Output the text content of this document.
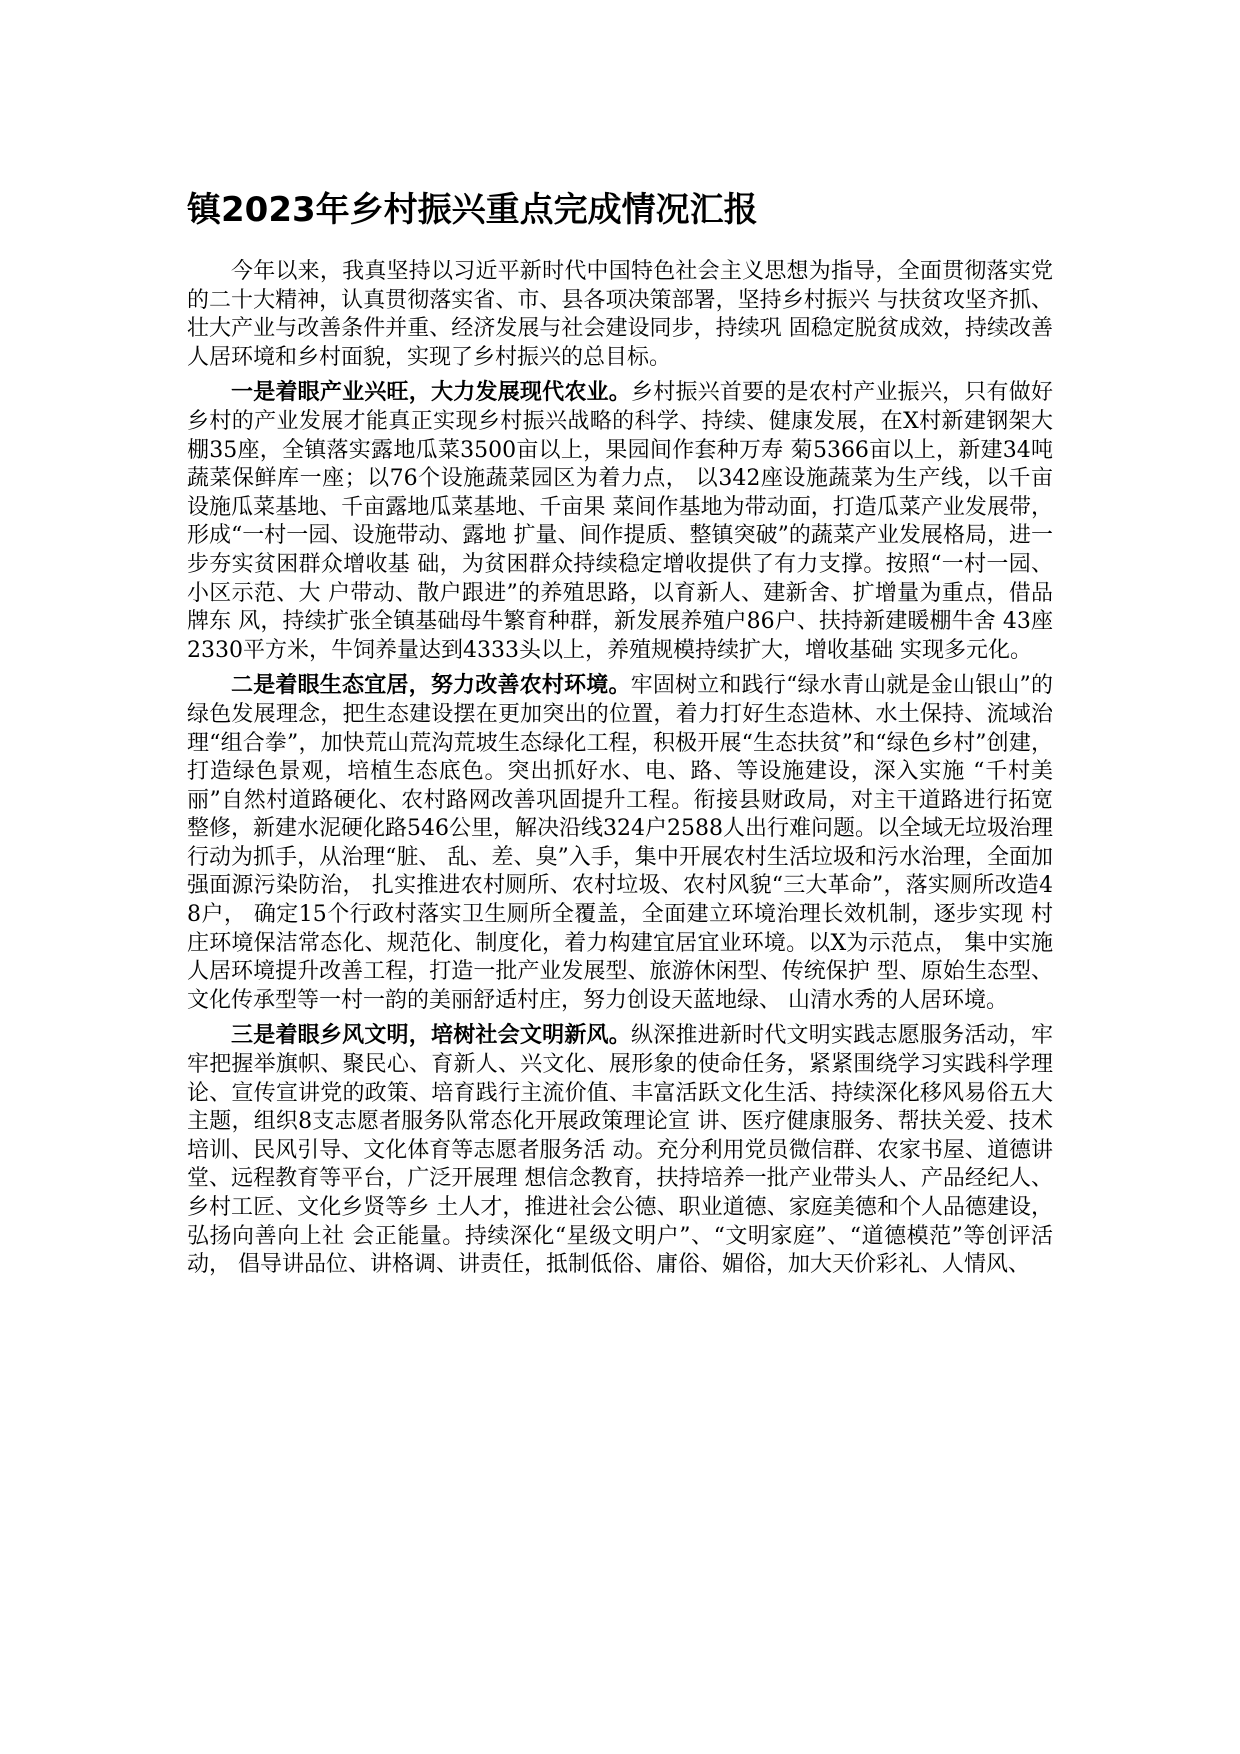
镇2023年乡村振兴重点完成情况汇报

今年以来，我真坚持以习近平新时代中国特色社会主义思想为指导，全面贯彻落实党的二十大精神，认真贯彻落实省、市、县各项决策部署，坚持乡村振兴 与扶贫攻坚齐抓、壮大产业与改善条件并重、经济发展与社会建设同步，持续巩 固稳定脱贫成效，持续改善人居环境和乡村面貌，实现了乡村振兴的总目标。

一是着眼产业兴旺，大力发展现代农业。乡村振兴首要的是农村产业振兴，只有做好乡村的产业发展才能真正实现乡村振兴战略的科学、持续、健康发展，在X村新建钢架大棚35座，全镇落实露地瓜菜3500亩以上，果园间作套种万寿 菊5366亩以上，新建34吨蔬菜保鲜库一座；以76个设施蔬菜园区为着力点， 以342座设施蔬菜为生产线，以千亩设施瓜菜基地、千亩露地瓜菜基地、千亩果 菜间作基地为带动面，打造瓜菜产业发展带，形成“一村一园、设施带动、露地 扩量、间作提质、整镇突破”的蔬菜产业发展格局，进一步夯实贫困群众增收基 础，为贫困群众持续稳定增收提供了有力支撑。按照“一村一园、小区示范、大 户带动、散户跟进”的养殖思路，以育新人、建新舍、扩增量为重点，借品牌东 风，持续扩张全镇基础母牛繁育种群，新发展养殖户86户、扶持新建暖棚牛舍 43座2330平方米，牛饲养量达到4333头以上，养殖规模持续扩大，增收基础 实现多元化。

二是着眼生态宜居，努力改善农村环境。牢固树立和践行“绿水青山就是金山银山”的绿色发展理念，把生态建设摆在更加突出的位置，着力打好生态造林、水土保持、流域治理“组合拳”，加快荒山荒沟荒坡生态绿化工程，积极开展“生态扶贫”和“绿色乡村”创建，打造绿色景观，培植生态底色。突出抓好水、电、路、等设施建设，深入实施 “千村美丽”自然村道路硬化、农村路网改善巩固提升工程。衔接县财政局，对主干道路进行拓宽整修，新建水泥硬化路546公里，解决沿线324户2588人出行难问题。以全域无垃圾治理行动为抓手，从治理“脏、 乱、差、臭”入手，集中开展农村生活垃圾和污水治理，全面加强面源污染防治， 扎实推进农村厕所、农村垃圾、农村风貌“三大革命”，落实厕所改造48户， 确定15个行政村落实卫生厕所全覆盖，全面建立环境治理长效机制，逐步实现 村庄环境保洁常态化、规范化、制度化，着力构建宜居宜业环境。以X为示范点， 集中实施人居环境提升改善工程，打造一批产业发展型、旅游休闲型、传统保护 型、原始生态型、文化传承型等一村一韵的美丽舒适村庄，努力创设天蓝地绿、 山清水秀的人居环境。

三是着眼乡风文明，培树社会文明新风。纵深推进新时代文明实践志愿服务活动，牢牢把握举旗帜、聚民心、育新人、兴文化、展形象的使命任务，紧紧围绕学习实践科学理论、宣传宣讲党的政策、培育践行主流价值、丰富活跃文化生活、持续深化移风易俗五大主题，组织8支志愿者服务队常态化开展政策理论宣 讲、医疗健康服务、帮扶关爱、技术培训、民风引导、文化体育等志愿者服务活 动。充分利用党员微信群、农家书屋、道德讲堂、远程教育等平台，广泛开展理 想信念教育，扶持培养一批产业带头人、产品经纪人、乡村工匠、文化乡贤等乡 土人才，推进社会公德、职业道德、家庭美德和个人品德建设，弘扬向善向上社 会正能量。持续深化“星级文明户”、“文明家庭”、“道德模范”等创评活动， 倡导讲品位、讲格调、讲责任，抵制低俗、庸俗、媚俗，加大天价彩礼、人情风、
